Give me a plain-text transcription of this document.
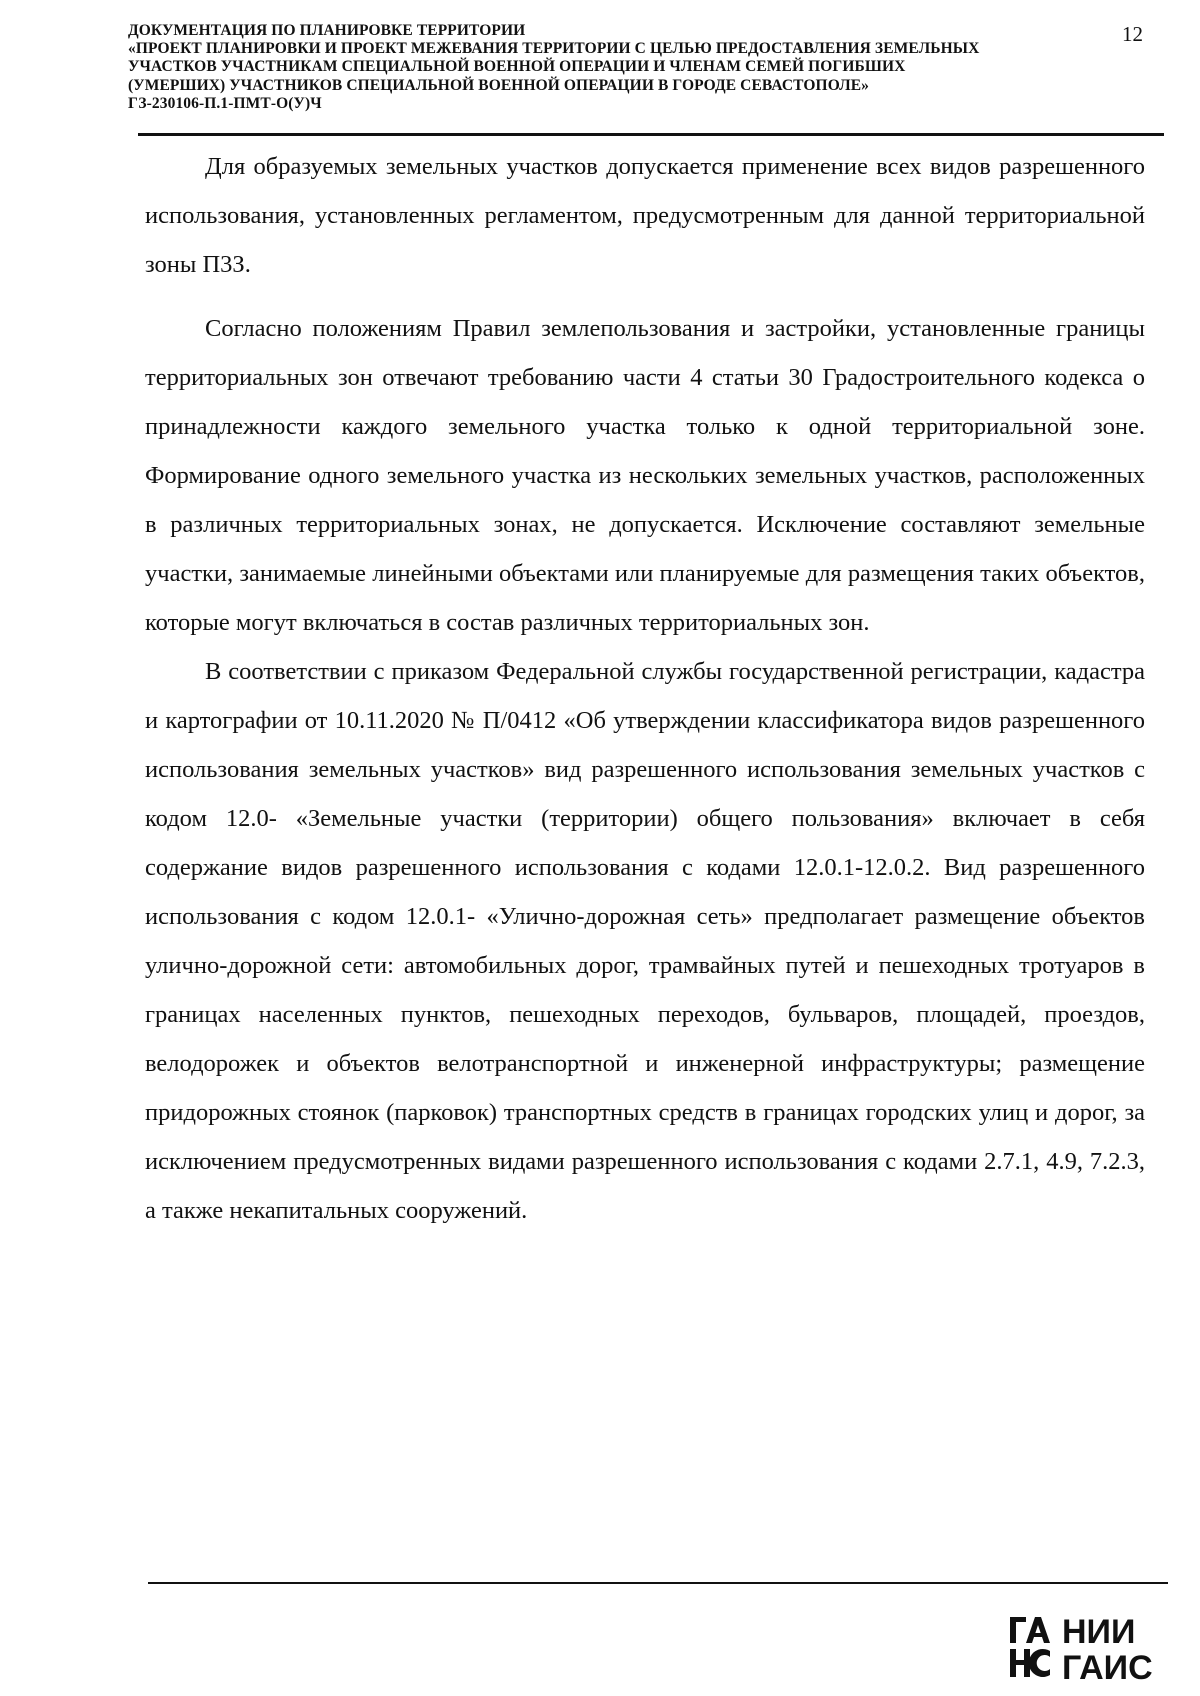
ДОКУМЕНТАЦИЯ ПО ПЛАНИРОВКЕ ТЕРРИТОРИИ
«ПРОЕКТ ПЛАНИРОВКИ И ПРОЕКТ МЕЖЕВАНИЯ ТЕРРИТОРИИ С ЦЕЛЬЮ ПРЕДОСТАВЛЕНИЯ ЗЕМЕЛЬНЫХ
УЧАСТКОВ УЧАСТНИКАМ СПЕЦИАЛЬНОЙ ВОЕННОЙ ОПЕРАЦИИ И ЧЛЕНАМ СЕМЕЙ ПОГИБШИХ
(УМЕРШИХ) УЧАСТНИКОВ СПЕЦИАЛЬНОЙ ВОЕННОЙ ОПЕРАЦИИ В ГОРОДЕ СЕВАСТОПОЛЕ»
ГЗ-230106-П.1-ПМТ-О(У)Ч
12

Для образуемых земельных участков допускается применение всех видов разрешенного использования, установленных регламентом, предусмотренным для данной территориальной зоны П3З.

Согласно положениям Правил землепользования и застройки, установленные границы территориальных зон отвечают требованию части 4 статьи 30 Градостроительного кодекса о принадлежности каждого земельного участка только к одной территориальной зоне. Формирование одного земельного участка из нескольких земельных участков, расположенных в различных территориальных зонах, не допускается. Исключение составляют земельные участки, занимаемые линейными объектами или планируемые для размещения таких объектов, которые могут включаться в состав различных территориальных зон.

В соответствии с приказом Федеральной службы государственной регистрации, кадастра и картографии от 10.11.2020 № П/0412 «Об утверждении классификатора видов разрешенного использования земельных участков» вид разрешенного использования земельных участков с кодом 12.0- «Земельные участки (территории) общего пользования» включает в себя содержание видов разрешенного использования с кодами 12.0.1-12.0.2. Вид разрешенного использования с кодом 12.0.1- «Улично-дорожная сеть» предполагает размещение объектов улично-дорожной сети: автомобильных дорог, трамвайных путей и пешеходных тротуаров в границах населенных пунктов, пешеходных переходов, бульваров, площадей, проездов, велодорожек и объектов велотранспортной и инженерной инфраструктуры; размещение придорожных стоянок (парковок) транспортных средств в границах городских улиц и дорог, за исключением предусмотренных видами разрешенного использования с кодами 2.7.1, 4.9, 7.2.3, а также некапитальных сооружений.

НИИ
ГАИС
